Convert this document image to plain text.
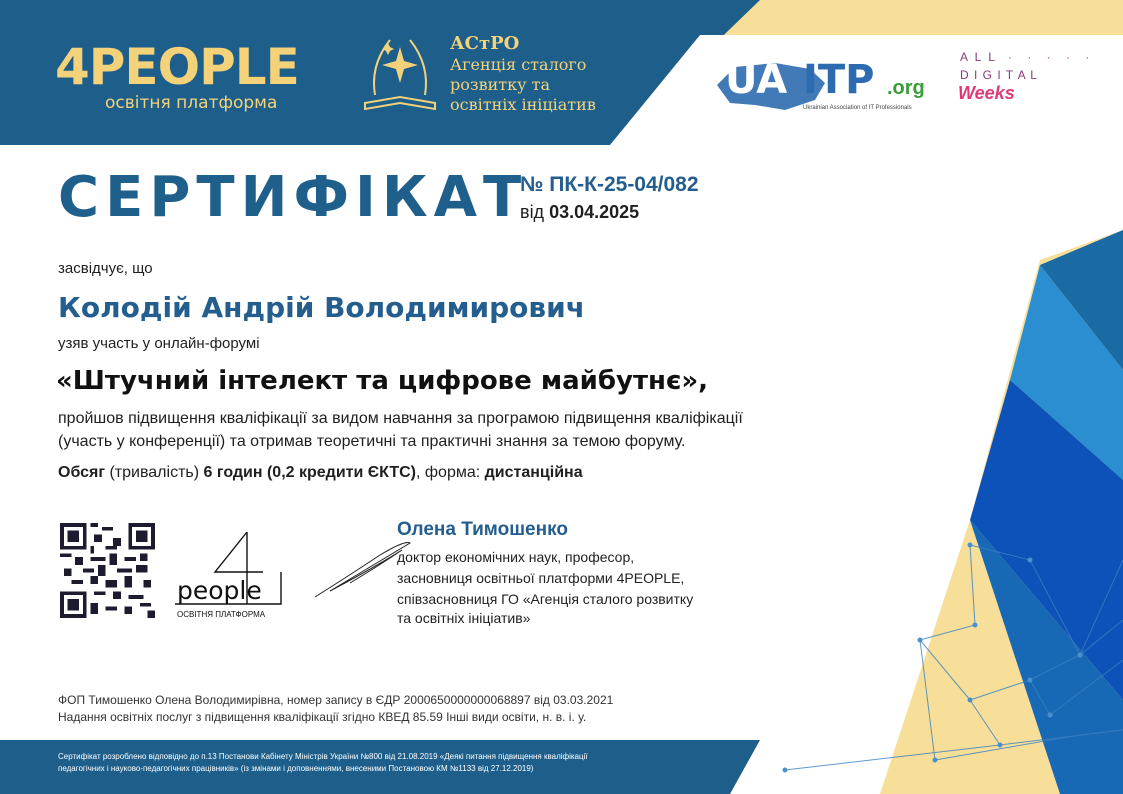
4PEOPLE
освітня платформа
АСтРО
Агенція сталого
розвитку та
освітніх ініціатив
UA ITP .org
Ukrainian Association of IT Professionals
A L L
D I G I T A L
Weeks
· · · · ·
СЕРТИФІКАТ
№ ПК-К-25-04/082
від 03.04.2025
засвідчує, що
Колодій Андрій Володимирович
узяв участь у онлайн-форумі
«Штучний інтелект та цифрове майбутнє»,
пройшов підвищення кваліфікації за видом навчання за програмою підвищення кваліфікації
(участь у конференції) та отримав теоретичні та практичні знання за темою форуму.
Обсяг (тривалість) 6 годин (0,2 кредити ЄКТС), форма: дистанційна
people
ОСВІТНЯ ПЛАТФОРМА
Олена Тимошенко
доктор економічних наук, професор,
засновниця освітньої платформи 4PEOPLE,
співзасновниця ГО «Агенція сталого розвитку
та освітніх ініціатив»
ФОП Тимошенко Олена Володимирівна, номер запису в ЄДР 2000650000000068897 від 03.03.2021
Надання освітніх послуг з підвищення кваліфікації згідно КВЕД 85.59 Інші види освіти, н. в. і. у.
Сертифікат розроблено відповідно до п.13 Постанови Кабінету Міністрів України №800 від 21.08.2019 «Деякі питання підвищення кваліфікації
педагогічних і науково-педагогічних працівників» (із змінами і доповненнями, внесеними Постановою КМ №1133 від 27.12.2019)
